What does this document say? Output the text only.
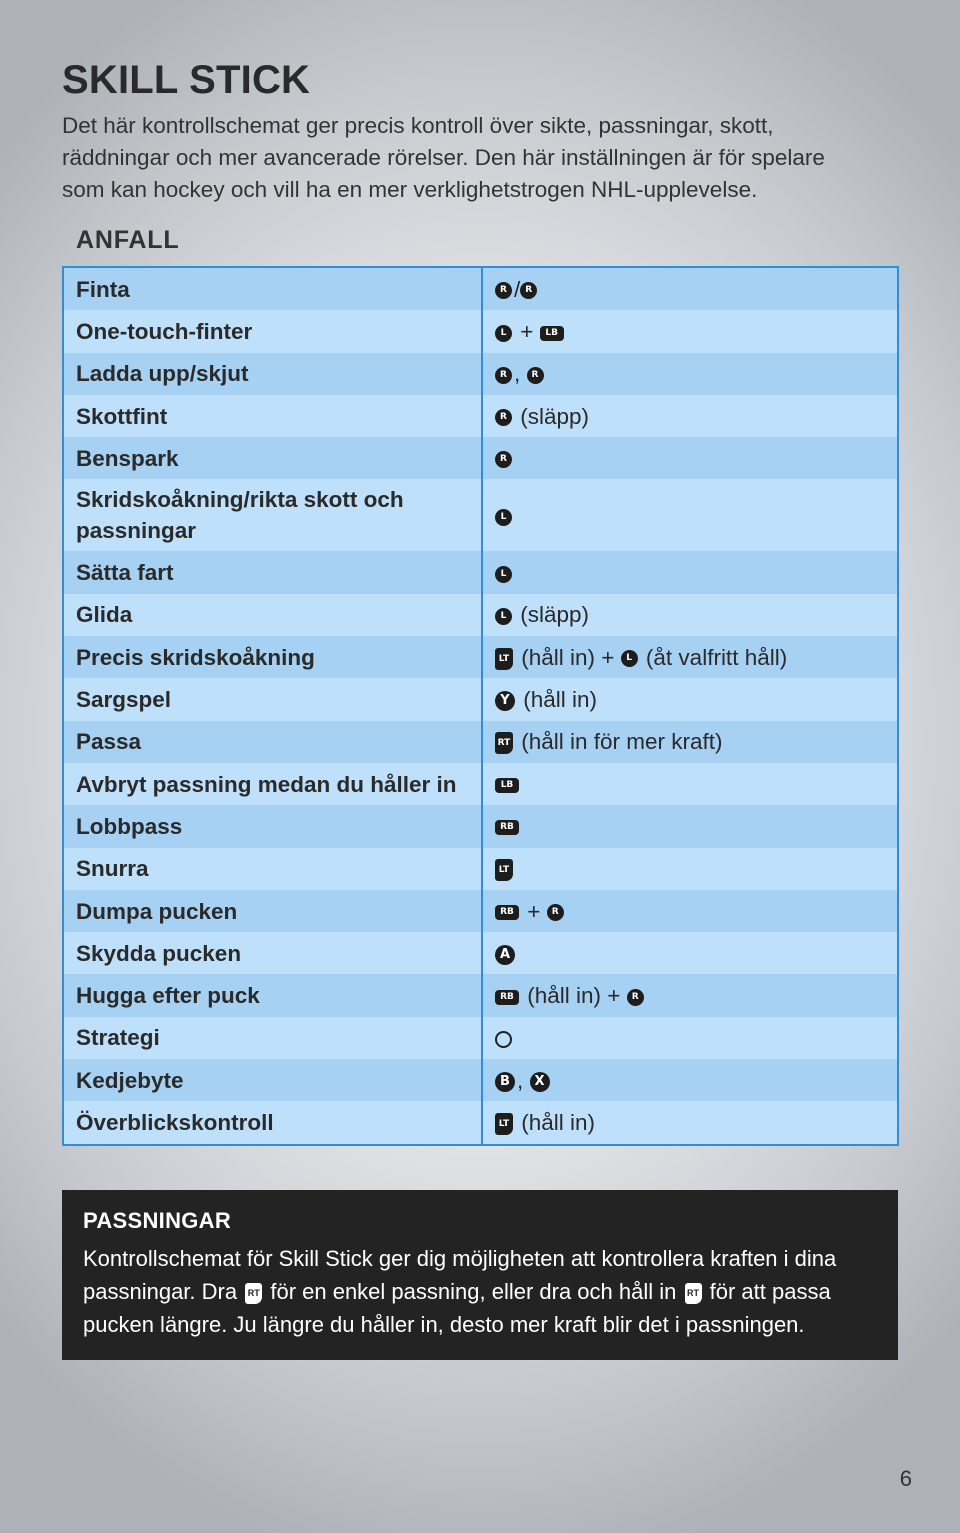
SKILL STICK

Det här kontrollschemat ger precis kontroll över sikte, passningar, skott, räddningar och mer avancerade rörelser. Den här inställningen är för spelare som kan hockey och vill ha en mer verklighetstrogen NHL-upplevelse.

ANFALL
Finta	R / R
One-touch-finter	L + LB
Ladda upp/skjut	R , R
Skottfint	R (släpp)
Benspark	R
Skridskoåkning/rikta skott och passningar	L
Sätta fart	L
Glida	L (släpp)
Precis skridskoåkning	LT (håll in) + L (åt valfritt håll)
Sargspel	Y (håll in)
Passa	RT (håll in för mer kraft)
Avbryt passning medan du håller in	LB
Lobbpass	RB
Snurra	LT
Dumpa pucken	RB + R
Skydda pucken	A
Hugga efter puck	RB (håll in) + R
Strategi	
Kedjebyte	B , X
Överblickskontroll	LT (håll in)
PASSNINGAR

Kontrollschemat för Skill Stick ger dig möjligheten att kontrollera kraften i dina passningar. Dra RT för en enkel passning, eller dra och håll in RT för att passa pucken längre. Ju längre du håller in, desto mer kraft blir det i passningen.

6
